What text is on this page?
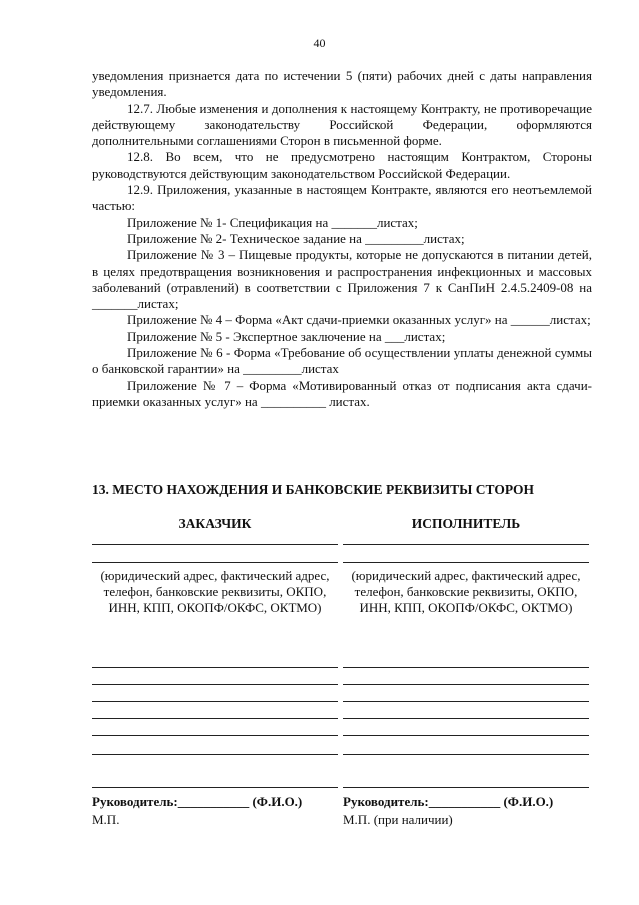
40

уведомления признается дата по истечении 5 (пяти) рабочих дней с даты направления уведомления.

12.7. Любые изменения и дополнения к настоящему Контракту, не противоречащие действующему законодательству Российской Федерации, оформляются дополнительными соглашениями Сторон в письменной форме.

12.8. Во всем, что не предусмотрено настоящим Контрактом, Стороны руководствуются действующим законодательством Российской Федерации.

12.9. Приложения, указанные в настоящем Контракте, являются его неотъемлемой частью:

Приложение № 1- Спецификация на _______листах;

Приложение № 2- Техническое задание на _________листах;

Приложение № 3 – Пищевые продукты, которые не допускаются в питании детей, в целях предотвращения возникновения и распространения инфекционных и массовых заболеваний (отравлений) в соответствии с Приложения 7 к СанПиН 2.4.5.2409-08 на _______листах;

Приложение № 4 – Форма «Акт сдачи-приемки оказанных услуг» на ______листах;

Приложение № 5 - Экспертное заключение на ___листах;

Приложение № 6 - Форма «Требование об осуществлении уплаты денежной суммы о банковской гарантии» на _________листах

Приложение № 7 – Форма «Мотивированный отказ от подписания акта сдачи-приемки оказанных услуг» на __________ листах.

13. МЕСТО НАХОЖДЕНИЯ И БАНКОВСКИЕ РЕКВИЗИТЫ СТОРОН
ЗАКАЗЧИК
(юридический адрес, фактический адрес,
телефон, банковские реквизиты, ОКПО,
ИНН, КПП, ОКОПФ/ОКФС, ОКТМО)
Руководитель:___________ (Ф.И.О.)
М.П.
ИСПОЛНИТЕЛЬ
(юридический адрес, фактический адрес,
телефон, банковские реквизиты, ОКПО,
ИНН, КПП, ОКОПФ/ОКФС, ОКТМО)
Руководитель:___________ (Ф.И.О.)
М.П. (при наличии)
